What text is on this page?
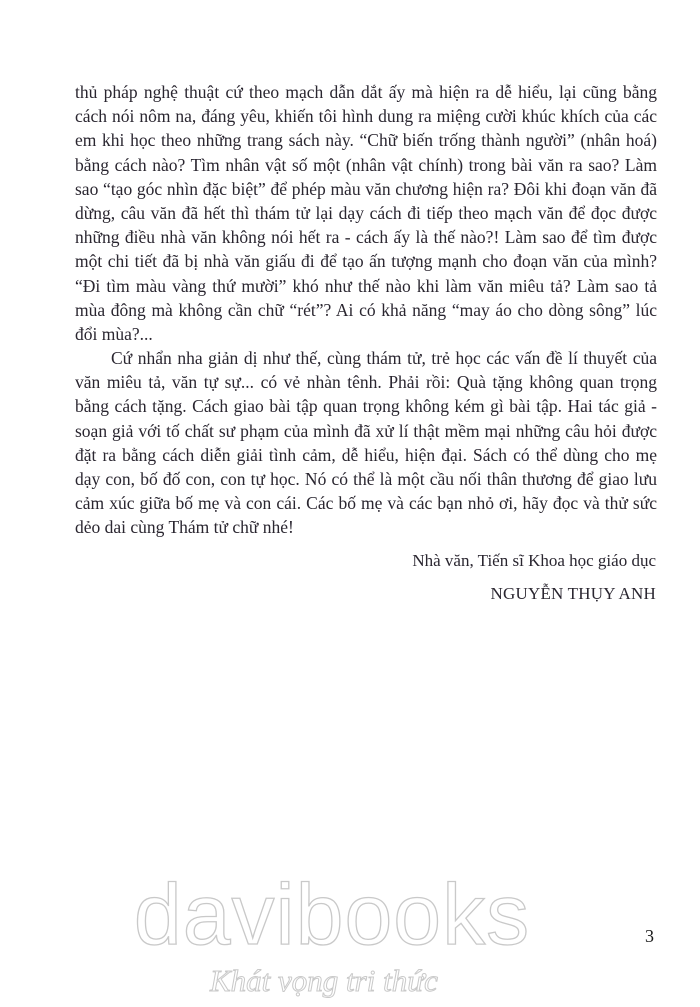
thủ pháp nghệ thuật cứ theo mạch dẫn dắt ấy mà hiện ra dễ hiểu, lại cũng bằng cách nói nôm na, đáng yêu, khiến tôi hình dung ra miệng cười khúc khích của các em khi học theo những trang sách này. “Chữ biến trống thành người” (nhân hoá) bằng cách nào? Tìm nhân vật số một (nhân vật chính) trong bài văn ra sao? Làm sao “tạo góc nhìn đặc biệt” để phép màu văn chương hiện ra? Đôi khi đoạn văn đã dừng, câu văn đã hết thì thám tử lại dạy cách đi tiếp theo mạch văn để đọc được những điều nhà văn không nói hết ra - cách ấy là thế nào?! Làm sao để tìm được một chi tiết đã bị nhà văn giấu đi để tạo ấn tượng mạnh cho đoạn văn của mình? “Đi tìm màu vàng thứ mười” khó như thế nào khi làm văn miêu tả? Làm sao tả mùa đông mà không cần chữ “rét”? Ai có khả năng “may áo cho dòng sông” lúc đổi mùa?...
Cứ nhẩn nha giản dị như thế, cùng thám tử, trẻ học các vấn đề lí thuyết của văn miêu tả, văn tự sự... có vẻ nhàn tênh. Phải rồi: Quà tặng không quan trọng bằng cách tặng. Cách giao bài tập quan trọng không kém gì bài tập. Hai tác giả - soạn giả với tố chất sư phạm của mình đã xử lí thật mềm mại những câu hỏi được đặt ra bằng cách diễn giải tình cảm, dễ hiểu, hiện đại. Sách có thể dùng cho mẹ dạy con, bố đố con, con tự học. Nó có thể là một cầu nối thân thương để giao lưu cảm xúc giữa bố mẹ và con cái. Các bố mẹ và các bạn nhỏ ơi, hãy đọc và thử sức dẻo dai cùng Thám tử chữ nhé!
Nhà văn, Tiến sĩ Khoa học giáo dục
NGUYỄN THỤY ANH
davibooks
Khát vọng tri thức
3
